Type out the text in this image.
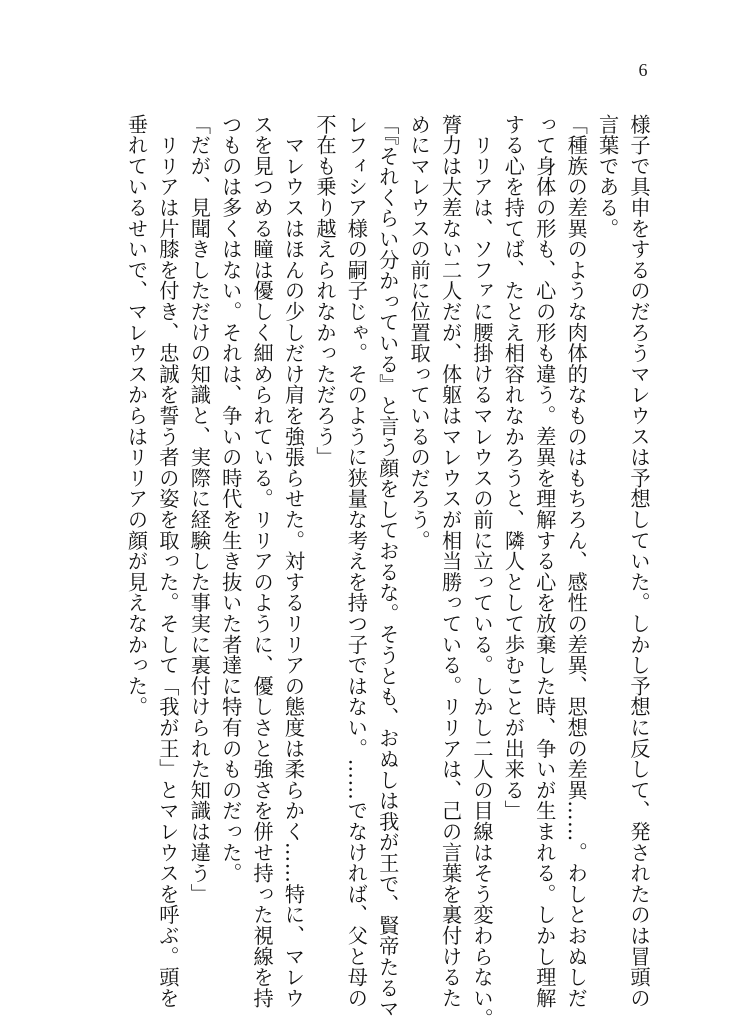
6
様子で具申をするのだろうマレウスは予想していた。しかし予想に反して、発されたのは冒頭の
言葉である。
「種族の差異のような肉体的なものはもちろん、感性の差異、思想の差異……。わしとおぬしだ
って身体の形も、心の形も違う。差異を理解する心を放棄した時、争いが生まれる。しかし理解
する心を持てば、たとえ相容れなかろうと、隣人として歩むことが出来る」
　リリアは、ソファに腰掛けるマレウスの前に立っている。しかし二人の目線はそう変わらない。
膂力は大差ない二人だが、体躯はマレウスが相当勝っている。リリアは、己の言葉を裏付けるた
めにマレウスの前に位置取っているのだろう。
「『それくらい分かっている』と言う顔をしておるな。そうとも、おぬしは我が王で、賢帝たるマ
レフィシア様の嗣子じゃ。そのように狭量な考えを持つ子ではない。……でなければ、父と母の
不在も乗り越えられなかっただろう」
　マレウスはほんの少しだけ肩を強張らせた。対するリリアの態度は柔らかく……特に、マレウ
スを見つめる瞳は優しく細められている。リリアのように、優しさと強さを併せ持った視線を持
つものは多くはない。それは、争いの時代を生き抜いた者達に特有のものだった。
「だが、見聞きしただけの知識と、実際に経験した事実に裏付けられた知識は違う」
　リリアは片膝を付き、忠誠を誓う者の姿を取った。そして「我が王」とマレウスを呼ぶ。頭を
垂れているせいで、マレウスからはリリアの顔が見えなかった。
